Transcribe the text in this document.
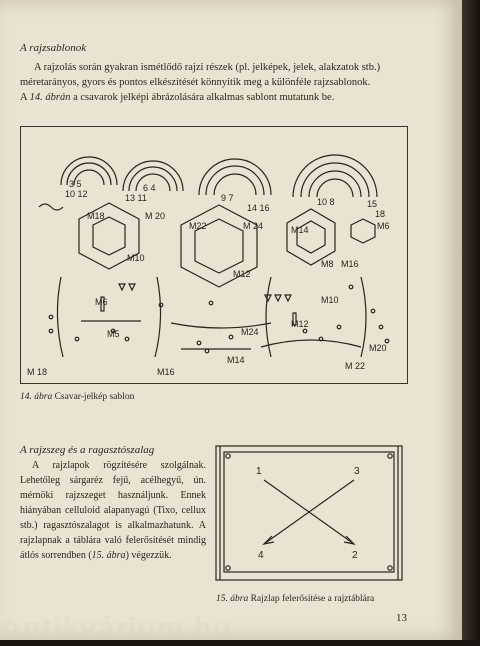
A rajzsablonok

A rajzolás során gyakran ismétlődő rajzi részek (pl. jelképek, jelek, alakzatok stb.)

méretarányos, gyors és pontos elkészítését könnyítik meg a különféle rajzsablonok.

A 14. ábrán a csavarok jelképi ábrázolására alkalmas sablont mutatunk be.

3 5
10 12
6 4
13 11	9 7
14 16
10 8	15
18
M18	M 20
M10
M22	M 24
M12
M14
M8 M16
M6
M6
M5	M24
M10
M12
M20
M 18	M16
M14
M 22
14. ábra Csavar-jelkép sablon
A rajzszeg és a ragasztószalag
A rajzlapok rögzítésére szolgálnak. Lehetőleg sárgaréz fejű, acélhegyű, ún. mérnöki rajzszeget használjunk. Ennek hiányában celluloid alapanyagú (Tixo, cellux stb.) ragasztószalagot is alkalmazhatunk. A rajzlapnak a táblára való felerősítését mindig átlós sorrendben (15. ábra) végezzük.
1	3
4	2
15. ábra Rajzlap felerősítése a rajztáblára
13
Antikvárium.hu
